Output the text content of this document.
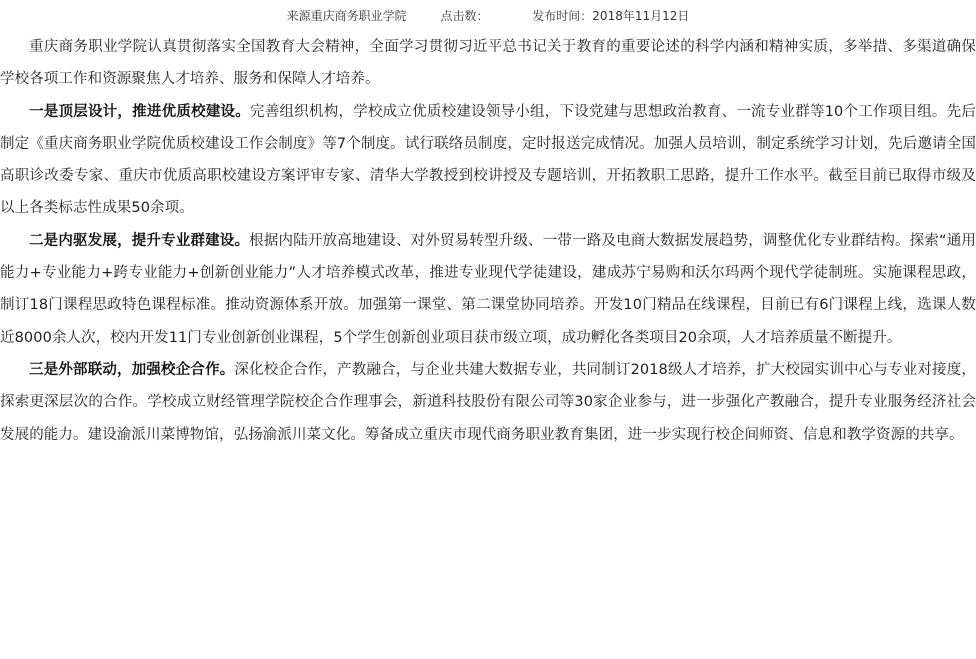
来源重庆商务职业学院	点击数：	发布时间：2018年11月12日

重庆商务职业学院认真贯彻落实全国教育大会精神，全面学习贯彻习近平总书记关于教育的重要论述的科学内涵和精神实质，多举措、多渠道确保学校各项工作和资源聚焦人才培养、服务和保障人才培养。

一是顶层设计，推进优质校建设。完善组织机构，学校成立优质校建设领导小组，下设党建与思想政治教育、一流专业群等10个工作项目组。先后制定《重庆商务职业学院优质校建设工作会制度》等7个制度。试行联络员制度，定时报送完成情况。加强人员培训，制定系统学习计划，先后邀请全国高职诊改委专家、重庆市优质高职校建设方案评审专家、清华大学教授到校讲授及专题培训，开拓教职工思路，提升工作水平。截至目前已取得市级及以上各类标志性成果50余项。

二是内驱发展，提升专业群建设。根据内陆开放高地建设、对外贸易转型升级、一带一路及电商大数据发展趋势，调整优化专业群结构。探索“通用能力+专业能力+跨专业能力+创新创业能力”人才培养模式改革，推进专业现代学徒建设，建成苏宁易购和沃尔玛两个现代学徒制班。实施课程思政，制订18门课程思政特色课程标准。推动资源体系开放。加强第一课堂、第二课堂协同培养。开发10门精品在线课程，目前已有6门课程上线，选课人数近8000余人次，校内开发11门专业创新创业课程，5个学生创新创业项目获市级立项，成功孵化各类项目20余项，人才培养质量不断提升。

三是外部联动，加强校企合作。深化校企合作，产教融合，与企业共建大数据专业，共同制订2018级人才培养，扩大校园实训中心与专业对接度，探索更深层次的合作。学校成立财经管理学院校企合作理事会，新道科技股份有限公司等30家企业参与，进一步强化产教融合，提升专业服务经济社会发展的能力。建设渝派川菜博物馆，弘扬渝派川菜文化。筹备成立重庆市现代商务职业教育集团，进一步实现行校企间师资、信息和教学资源的共享。
